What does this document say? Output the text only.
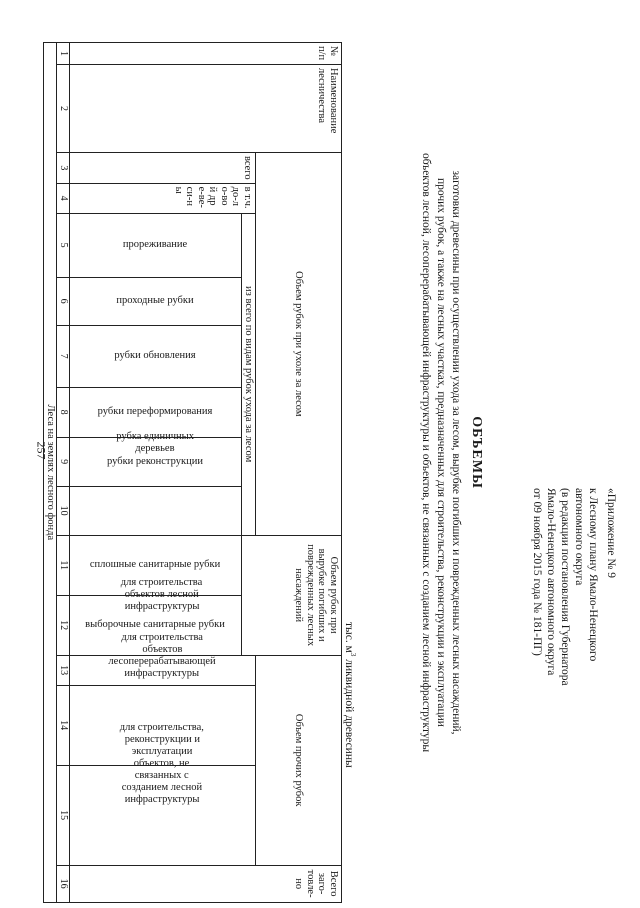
257
«Приложение № 9
к Лесному плану Ямало-Ненецкого
автономного округа
(в редакции постановления Губернатора
Ямало-Ненецкого автономного округа
от 09 ноября 2015 года № 181-ПГ)
ОБЪЕМЫ
заготовки древесины при осуществлении ухода за лесом, вырубке погибших и поврежденных лесных насаждений,
прочих рубок, а также на лесных участках, предназначенных для строительства, реконструкции и эксплуатации
объектов лесной, лесоперерабатывающей инфраструктуры и объектов, не связанных с созданием лесной инфраструктуры
тыс. $м^3$ ликвидной древесины
№ п/п	Наименование лесничества	Объем рубок при ухоле за лесом								Объем рубок при вырубке погибших и поврежденных лесных насаждений		Объем прочих рубок			Всего заго-товле-но
		всего	в т.ч. до-ло-вой дре-ве-си-ны	из всего по видам рубок ухода за лесом								для строительства объектов лесной инфраструктуры	для строительства объектов лесоперерабатывающей инфраструктуры	для строительства, реконструкции и эксплуатации объектов, не связанных с созданием лесной инфраструктуры	

				прореживание	проходные рубки	рубки обновления	рубки переформирования	рубки реконструкции	рубка единичных деревьев	сплошные санитарные рубки	выборочные санитарные рубки				

1	2	3	4	5	6	7	8	9	10	11	12	13	14	15	16
Леса на землях лесного фонда															
